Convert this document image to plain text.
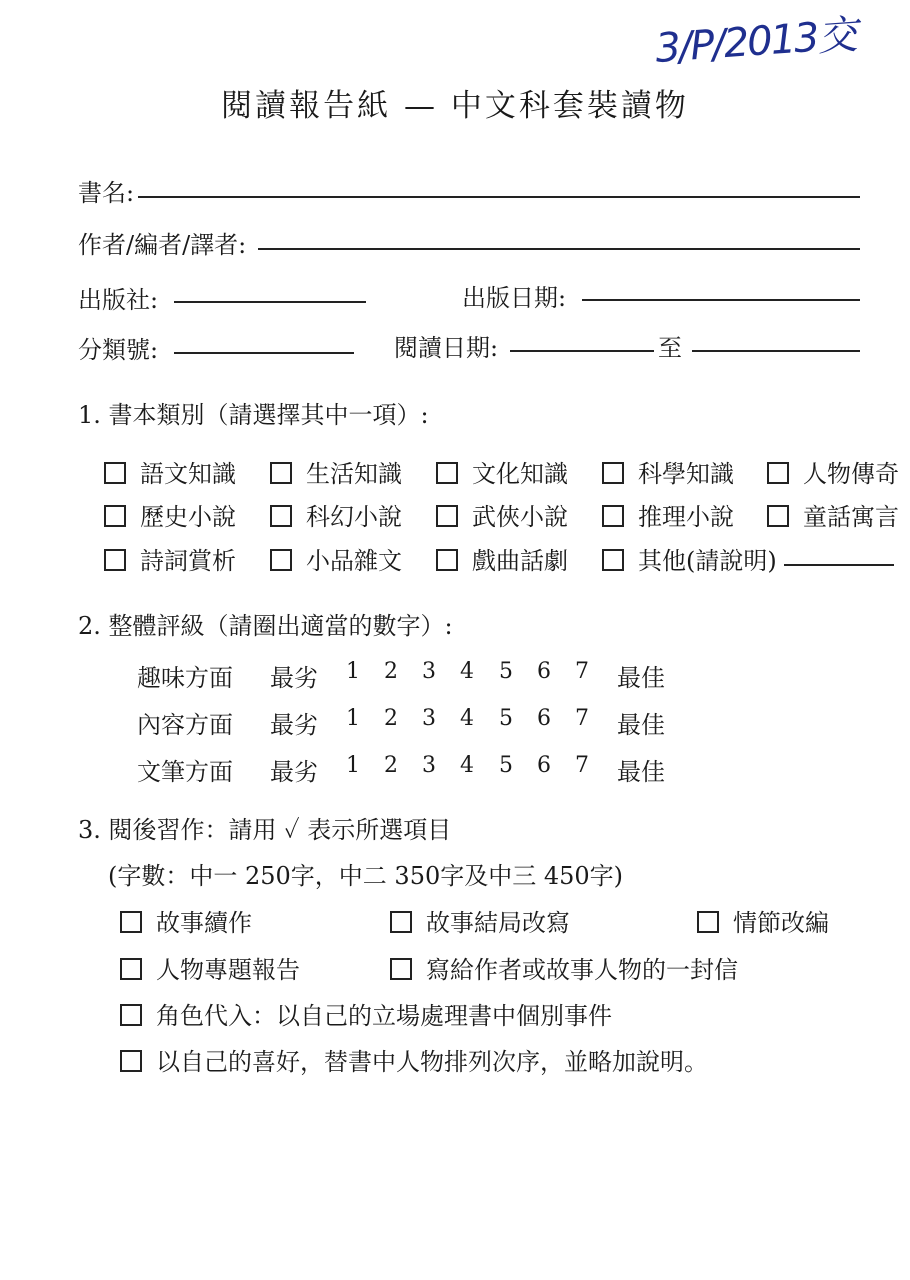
3/P/2013交
閱讀報告紙 — 中文科套裝讀物
書名:
作者/編者/譯者:
出版社:	出版日期:
分類號:	閱讀日期:	至
1. 書本類別（請選擇其中一項）:
語文知識	生活知識	文化知識	科學知識	人物傳奇
歷史小說	科幻小說	武俠小說	推理小說	童話寓言
詩詞賞析	小品雜文	戲曲話劇	其他(請說明)
2. 整體評級（請圈出適當的數字）:
趣味方面 最劣 1 2 3 4 5 6 7 最佳
內容方面 最劣 1 2 3 4 5 6 7 最佳
文筆方面 最劣 1 2 3 4 5 6 7 最佳
3. 閱後習作：請用 ✓ 表示所選項目
(字數：中一 250字，中二 350字及中三 450字)
故事續作	故事結局改寫	情節改編
人物專題報告	寫給作者或故事人物的一封信
角色代入：以自己的立場處理書中個別事件
以自己的喜好，替書中人物排列次序，並略加說明。
